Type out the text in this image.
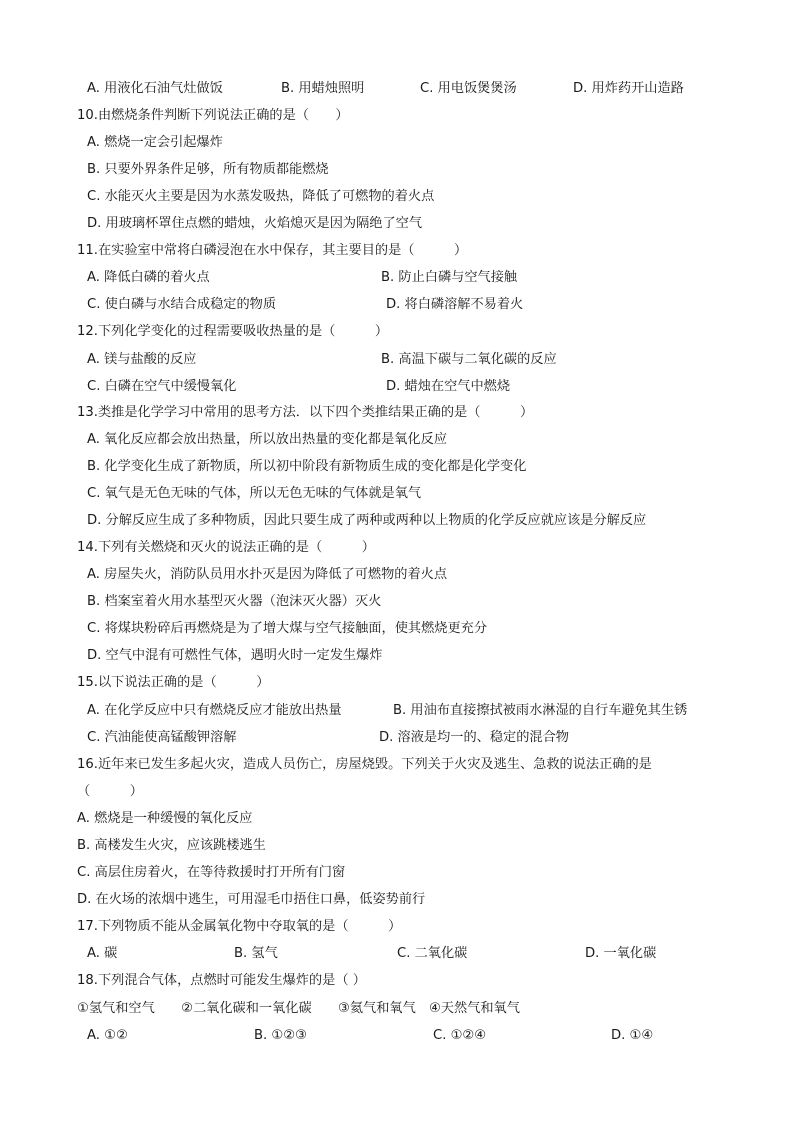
A. 用液化石油气灶做饭	B. 用蜡烛照明	C. 用电饭煲煲汤	D. 用炸药开山造路
10.由燃烧条件判断下列说法正确的是（　　）
A. 燃烧一定会引起爆炸
B. 只要外界条件足够，所有物质都能燃烧
C. 水能灭火主要是因为水蒸发吸热，降低了可燃物的着火点
D. 用玻璃杯罩住点燃的蜡烛，火焰熄灭是因为隔绝了空气
11.在实验室中常将白磷浸泡在水中保存，其主要目的是（　　　）
A. 降低白磷的着火点	B. 防止白磷与空气接触
C. 使白磷与水结合成稳定的物质	D. 将白磷溶解不易着火
12.下列化学变化的过程需要吸收热量的是（　　　）
A. 镁与盐酸的反应	B. 高温下碳与二氧化碳的反应
C. 白磷在空气中缓慢氧化	D. 蜡烛在空气中燃烧
13.类推是化学学习中常用的思考方法．以下四个类推结果正确的是（　　　）
A. 氧化反应都会放出热量，所以放出热量的变化都是氧化反应
B. 化学变化生成了新物质，所以初中阶段有新物质生成的变化都是化学变化
C. 氧气是无色无味的气体，所以无色无味的气体就是氧气
D. 分解反应生成了多种物质，因此只要生成了两种或两种以上物质的化学反应就应该是分解反应
14.下列有关燃烧和灭火的说法正确的是（　　　）
A. 房屋失火，消防队员用水扑灭是因为降低了可燃物的着火点
B. 档案室着火用水基型灭火器（泡沫灭火器）灭火
C. 将煤块粉碎后再燃烧是为了增大煤与空气接触面，使其燃烧更充分
D. 空气中混有可燃性气体，遇明火时一定发生爆炸
15.以下说法正确的是（　　　）
A. 在化学反应中只有燃烧反应才能放出热量	B. 用油布直接擦拭被雨水淋湿的自行车避免其生锈
C. 汽油能使高锰酸钾溶解	D. 溶液是均一的、稳定的混合物
16.近年来已发生多起火灾，造成人员伤亡，房屋烧毁。下列关于火灾及逃生、急救的说法正确的是
（　　　）
A. 燃烧是一种缓慢的氧化反应
B. 高楼发生火灾，应该跳楼逃生
C. 高层住房着火，在等待救援时打开所有门窗
D. 在火场的浓烟中逃生，可用湿毛巾捂住口鼻，低姿势前行
17.下列物质不能从金属氧化物中夺取氧的是（　　　）
A. 碳	B. 氢气	C. 二氧化碳	D. 一氧化碳
18.下列混合气体，点燃时可能发生爆炸的是（ ）
①氢气和空气　　②二氧化碳和一氧化碳　　③氦气和氧气　④天然气和氧气
A. ①②	B. ①②③	C. ①②④	D. ①④
